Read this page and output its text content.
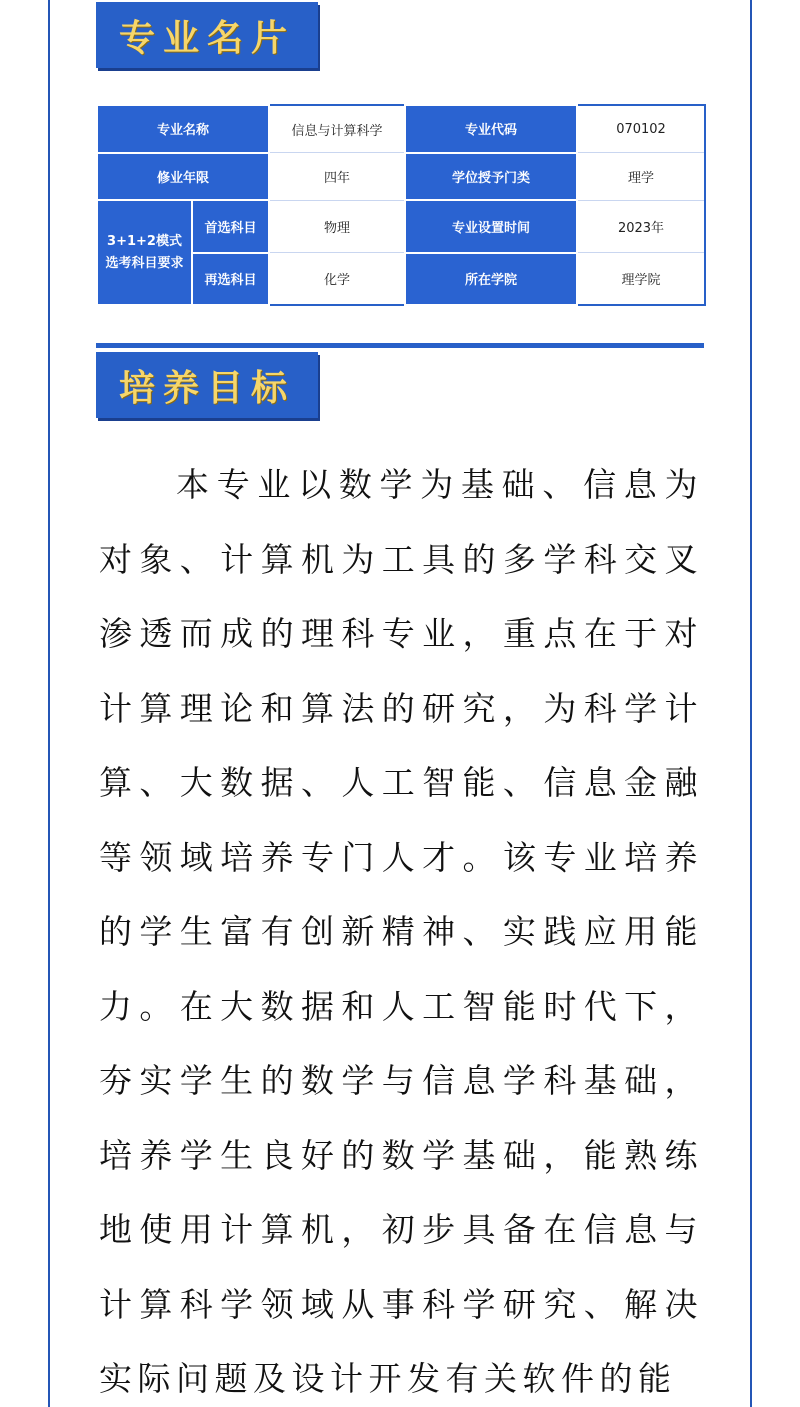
专业名片
专业名称		信息与计算科学	专业代码	070102
修业年限		四年	学位授予门类	理学

3+1+2模式
选考科目要求	首选科目	物理	专业设置时间	2023年
	再选科目	化学	所在学院	理学院
培养目标

本专业以数学为基础、信息为对象、计算机为工具的多学科交叉渗透而成的理科专业，重点在于对计算理论和算法的研究，为科学计算、大数据、人工智能、信息金融等领域培养专门人才。该专业培养的学生富有创新精神、实践应用能力。在大数据和人工智能时代下，夯实学生的数学与信息学科基础，培养学生良好的数学基础，能熟练地使用计算机，初步具备在信息与计算科学领域从事科学研究、解决实际问题及设计开发有关软件的能
